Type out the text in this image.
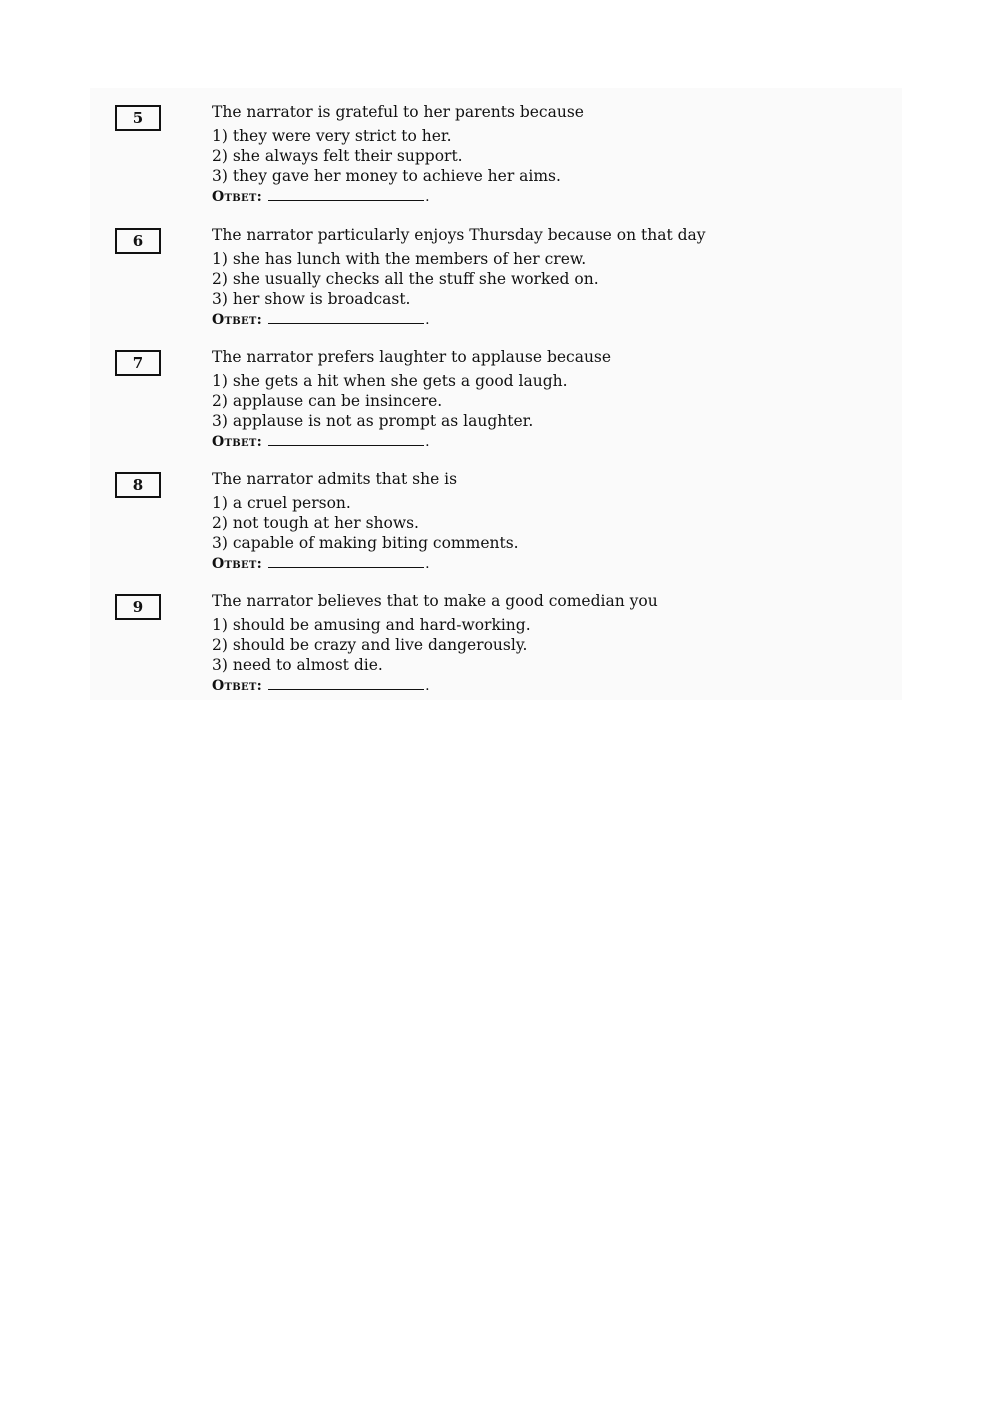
5	The narrator is grateful to her parents because
1) they were very strict to her.
2) she always felt their support.
3) they gave her money to achieve her aims.
Ответ:	.
6	The narrator particularly enjoys Thursday because on that day
1) she has lunch with the members of her crew.
2) she usually checks all the stuff she worked on.
3) her show is broadcast.
Ответ:	.
7	The narrator prefers laughter to applause because
1) she gets a hit when she gets a good laugh.
2) applause can be insincere.
3) applause is not as prompt as laughter.
Ответ:	.
8	The narrator admits that she is
1) a cruel person.
2) not tough at her shows.
3) capable of making biting comments.
Ответ:	.
9	The narrator believes that to make a good comedian you
1) should be amusing and hard-working.
2) should be crazy and live dangerously.
3) need to almost die.
Ответ:	.
